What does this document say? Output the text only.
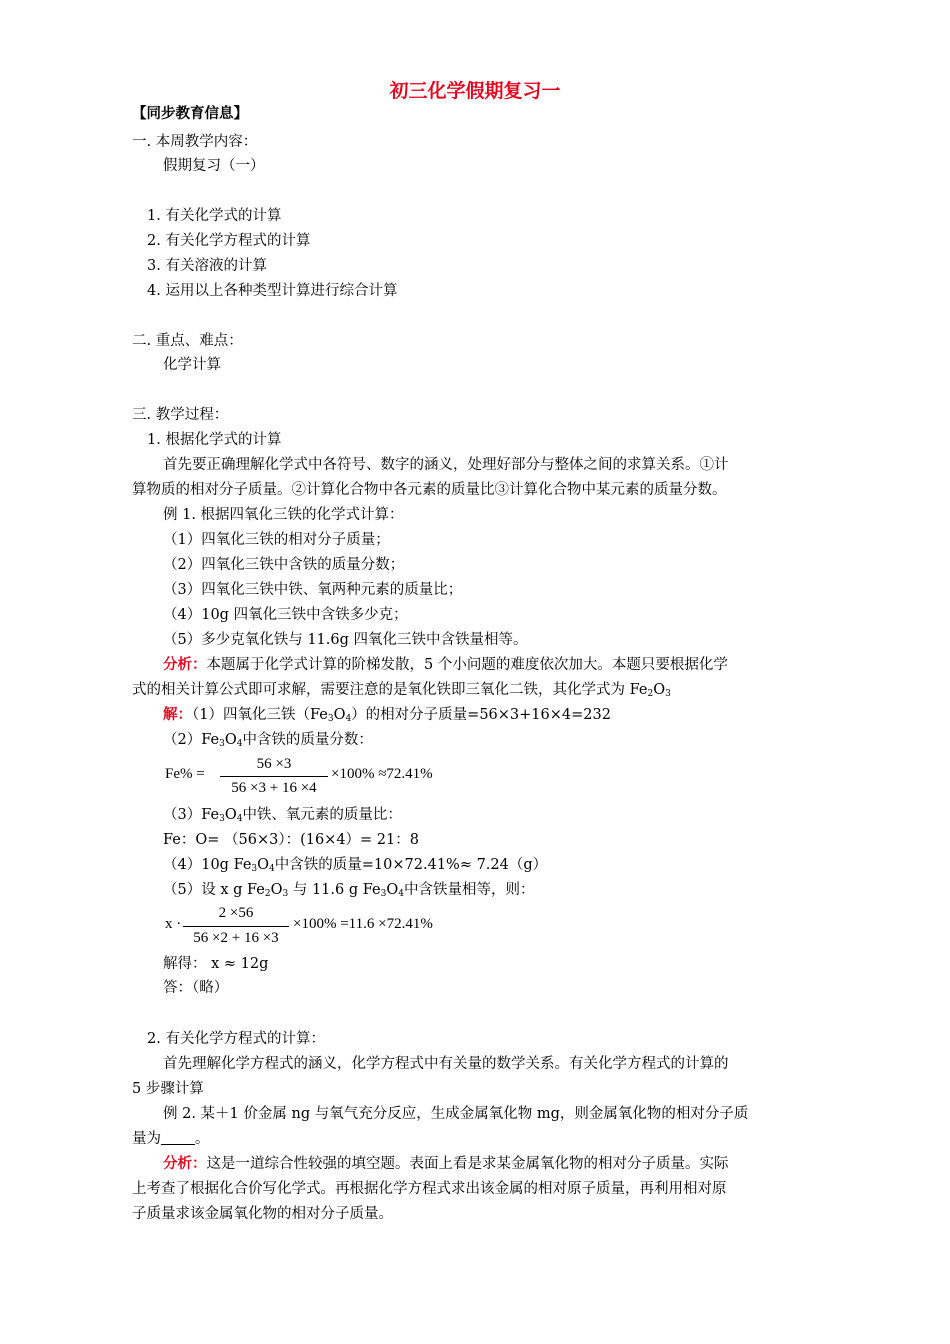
初三化学假期复习一
【同步教育信息】
一. 本周教学内容：
假期复习（一）
1. 有关化学式的计算
2. 有关化学方程式的计算
3. 有关溶液的计算
4. 运用以上各种类型计算进行综合计算
二. 重点、难点：
化学计算
三. 教学过程：
1. 根据化学式的计算
首先要正确理解化学式中各符号、数字的涵义，处理好部分与整体之间的求算关系。①计
算物质的相对分子质量。②计算化合物中各元素的质量比③计算化合物中某元素的质量分数。
例 1. 根据四氧化三铁的化学式计算：
（1）四氧化三铁的相对分子质量；
（2）四氧化三铁中含铁的质量分数；
（3）四氧化三铁中铁、氧两种元素的质量比；
（4）10g 四氧化三铁中含铁多少克；
（5）多少克氧化铁与 11.6g 四氧化三铁中含铁量相等。
分析：本题属于化学式计算的阶梯发散，5 个小问题的难度依次加大。本题只要根据化学
式的相关计算公式即可求解，需要注意的是氧化铁即三氧化二铁，其化学式为 $Fe_2O_3$
解：（1）四氧化三铁$(Fe_3O_4)$的相对分子质量=56×3+16×4=232
$(2)Fe_3O_4$中含铁的质量分数：
Fe% =
56 ×3
56 ×3 + 16 ×4
×100% ≈72.41%
$(3)Fe_3O_4$中铁、氧元素的质量比：
Fe：O= （56×3）：(16×4）= 21：8
（4）10g $Fe_3O_4$中含铁的质量=10×72.41%≈ 7.24（g）
（5）设 x g $Fe_2O_3$ 与 11.6 g $Fe_3O_4$中含铁量相等，则：
x ·
2 ×56
56 ×2 + 16 ×3
×100% =11.6 ×72.41%
解得： x ≈ 12g
答：（略）
2. 有关化学方程式的计算：
首先理解化学方程式的涵义，化学方程式中有关量的数学关系。有关化学方程式的计算的
5 步骤计算
例 2. 某＋1 价金属 ng 与氧气充分反应，生成金属氧化物 mg，则金属氧化物的相对分子质
量为 。
分析：这是一道综合性较强的填空题。表面上看是求某金属氧化物的相对分子质量。实际
上考查了根据化合价写化学式。再根据化学方程式求出该金属的相对原子质量，再利用相对原
子质量求该金属氧化物的相对分子质量。
